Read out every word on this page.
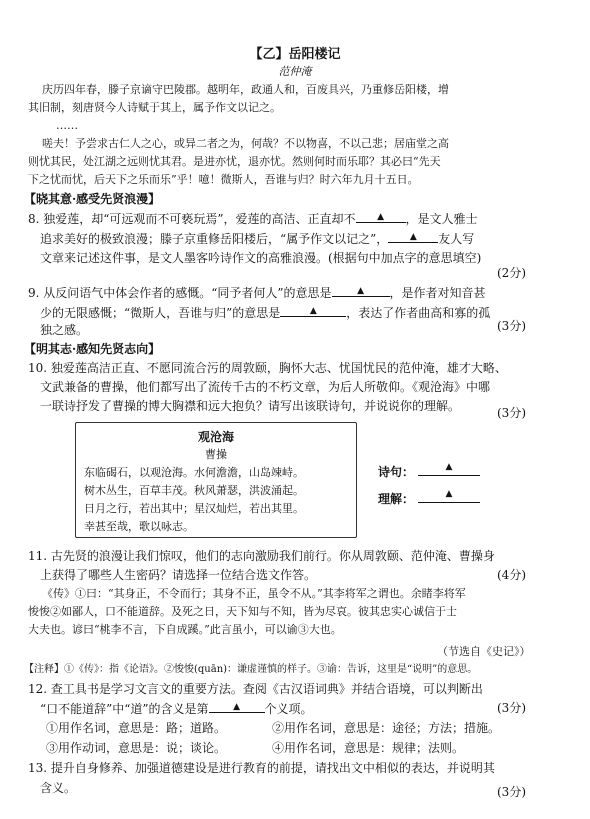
【乙】岳阳楼记
范仲淹
庆历四年春，滕子京谪守巴陵郡。越明年，政通人和，百废具兴，乃重修岳阳楼，增
其旧制，刻唐贤今人诗赋于其上，属予作文以记之。
……
嗟夫！予尝求古仁人之心，或异二者之为，何哉？不以物喜，不以己悲；居庙堂之高
则忧其民，处江湖之远则忧其君。是进亦忧，退亦忧。然则何时而乐耶？其必曰“先天
下之忧而忧，后天下之乐而乐”乎！噫！微斯人，吾谁与归？时六年九月十五日。
【晓其意·感受先贤浪漫】
8. 独爱莲，却“可远观而不可亵玩焉”，爱莲的高洁、正直却不 ▲ ，是文人雅士
追求美好的极致浪漫；滕子京重修岳阳楼后，“属予作文以记之”， ▲ 友人写
文章来记述这件事，是文人墨客吟诗作文的高雅浪漫。(根据句中加点字的意思填空)
(2分)
9. 从反问语气中体会作者的感慨。“同予者何人”的意思是	▲ ，是作者对知音甚
少的无限感慨；“微斯人，吾谁与归”的意思是	▲ ，表达了作者曲高和寡的孤
独之感。	(3分)
【明其志·感知先贤志向】
10. 独爱莲高洁正直、不愿同流合污的周敦颐，胸怀大志、忧国忧民的范仲淹，雄才大略、
文武兼备的曹操，他们都写出了流传千古的不朽文章，为后人所敬仰。《观沧海》中哪
一联诗抒发了曹操的博大胸襟和远大抱负？请写出该联诗句，并说说你的理解。	(3分)
观沧海
曹操
东临碣石，以观沧海。水何澹澹，山岛竦峙。
树木丛生，百草丰茂。秋风萧瑟，洪波涌起。
日月之行，若出其中；星汉灿烂，若出其里。
幸甚至哉，歌以咏志。
诗句：	▲
理解：	▲
11. 古先贤的浪漫让我们惊叹，他们的志向激励我们前行。你从周敦颐、范仲淹、曹操身
上获得了哪些人生密码？请选择一位结合选文作答。	(4分)
《传》①曰：“其身正，不令而行；其身不正，虽令不从。”其李将军之谓也。余睹李将军
悛悛②如鄙人，口不能道辞。及死之日，天下知与不知，皆为尽哀。彼其忠实心诚信于士
大夫也。谚曰“桃李不言，下自成蹊。”此言虽小，可以谕③大也。
（节选自《史记》）
【注释】①《传》：指《论语》。②悛悛(quān)：谦虚谨慎的样子。③谕：告诉，这里是“说明”的意思。
12. 查工具书是学习文言文的重要方法。查阅《古汉语词典》并结合语境，可以判断出
“口不能道辞”中“道”的含义是第	▲ 个义项。	(3分)
①用作名词，意思是：路；道路。	②用作名词，意思是：途径；方法；措施。
③用作动词，意思是：说；谈论。	④用作名词，意思是：规律；法则。
13. 提升自身修养、加强道德建设是进行教育的前提，请找出文中相似的表达，并说明其
含义。	(3分)
